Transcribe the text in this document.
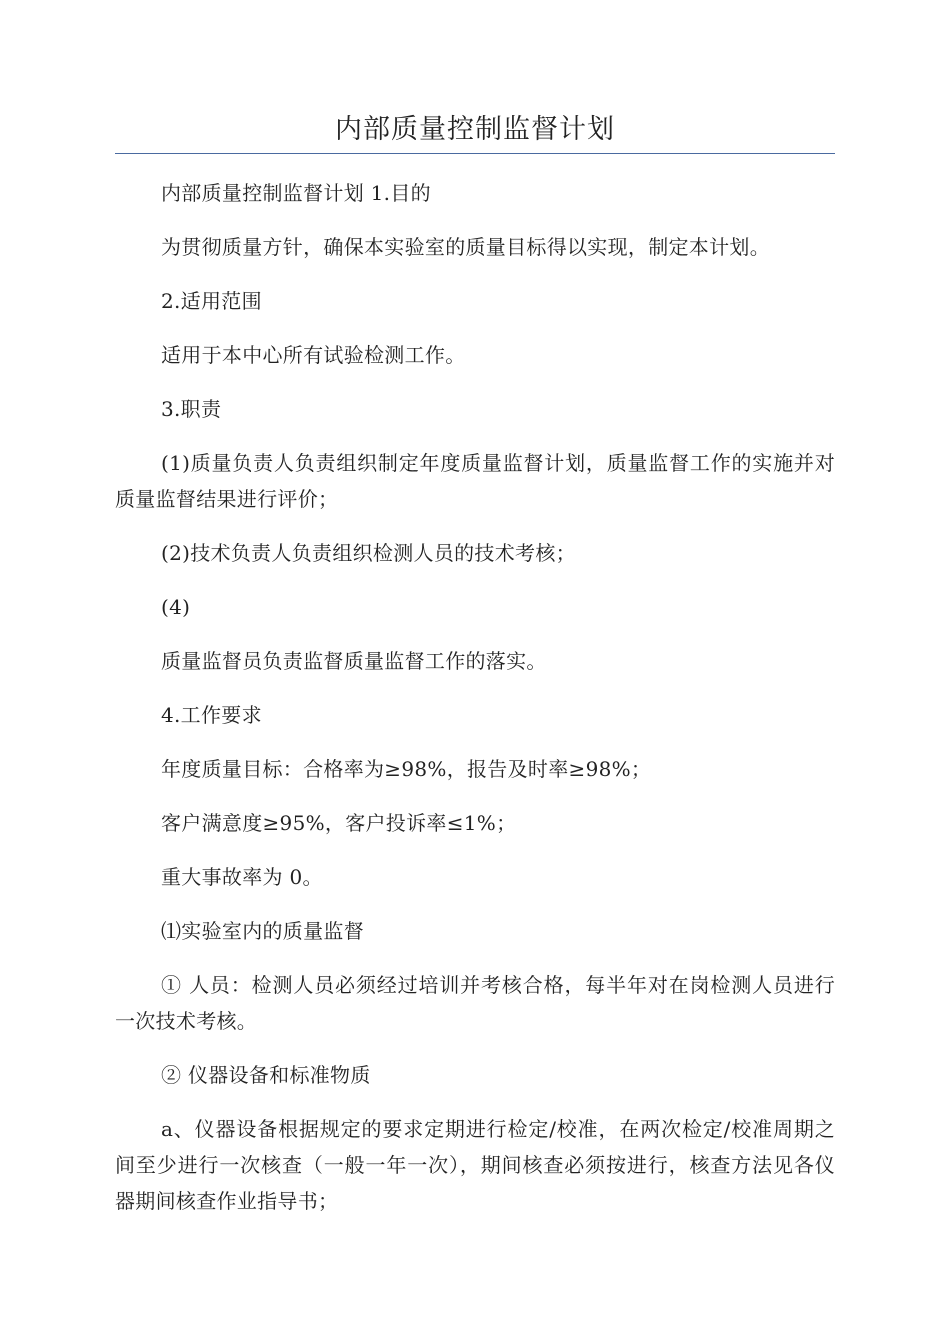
内部质量控制监督计划

内部质量控制监督计划 1.目的

为贯彻质量方针，确保本实验室的质量目标得以实现，制定本计划。

2.适用范围

适用于本中心所有试验检测工作。

3.职责

(1)质量负责人负责组织制定年度质量监督计划，质量监督工作的实施并对质量监督结果进行评价；

(2)技术负责人负责组织检测人员的技术考核；

(4)

质量监督员负责监督质量监督工作的落实。

4.工作要求

年度质量目标：合格率为≥98%，报告及时率≥98%；

客户满意度≥95%，客户投诉率≤1%；

重大事故率为 0。

⑴实验室内的质量监督

① 人员：检测人员必须经过培训并考核合格，每半年对在岗检测人员进行一次技术考核。

② 仪器设备和标准物质

a、仪器设备根据规定的要求定期进行检定/校准，在两次检定/校准周期之间至少进行一次核查（一般一年一次），期间核查必须按进行，核查方法见各仪器期间核查作业指导书；
